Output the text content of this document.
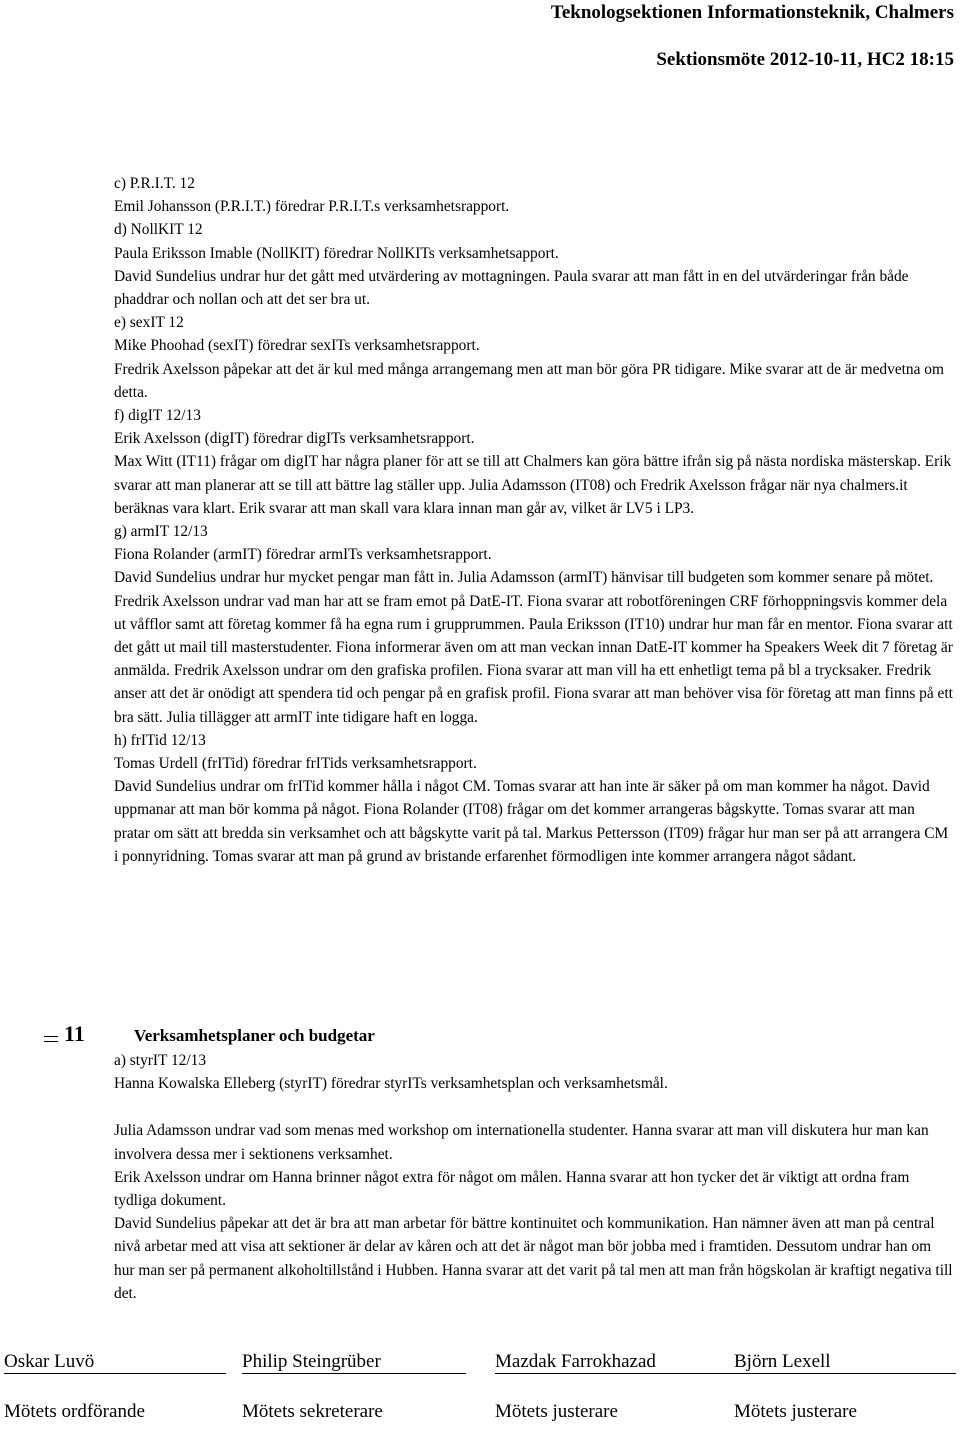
Teknologsektionen Informationsteknik, Chalmers
Sektionsmöte 2012-10-11, HC2 18:15

c) P.R.I.T. 12

Emil Johansson (P.R.I.T.) föredrar P.R.I.T.s verksamhetsrapport.

d) NollKIT 12

Paula Eriksson Imable (NollKIT) föredrar NollKITs verksamhetsapport.

David Sundelius undrar hur det gått med utvärdering av mottagningen. Paula svarar att man fått in en del utvärderingar från både phaddrar och nollan och att det ser bra ut.

e) sexIT 12

Mike Phoohad (sexIT) föredrar sexITs verksamhetsrapport.

Fredrik Axelsson påpekar att det är kul med många arrangemang men att man bör göra PR tidigare. Mike svarar att de är medvetna om detta.

f) digIT 12/13

Erik Axelsson (digIT) föredrar digITs verksamhetsrapport.

Max Witt (IT11) frågar om digIT har några planer för att se till att Chalmers kan göra bättre ifrån sig på nästa nordiska mästerskap. Erik svarar att man planerar att se till att bättre lag ställer upp. Julia Adamsson (IT08) och Fredrik Axelsson frågar när nya chalmers.it beräknas vara klart. Erik svarar att man skall vara klara innan man går av, vilket är LV5 i LP3.

g) armIT 12/13

Fiona Rolander (armIT) föredrar armITs verksamhetsrapport.

David Sundelius undrar hur mycket pengar man fått in. Julia Adamsson (armIT) hänvisar till budgeten som kommer senare på mötet. Fredrik Axelsson undrar vad man har att se fram emot på DatE-IT. Fiona svarar att robotföreningen CRF förhoppningsvis kommer dela ut våfflor samt att företag kommer få ha egna rum i grupprummen. Paula Eriksson (IT10) undrar hur man får en mentor. Fiona svarar att det gått ut mail till masterstudenter. Fiona informerar även om att man veckan innan DatE-IT kommer ha Speakers Week dit 7 företag är anmälda. Fredrik Axelsson undrar om den grafiska profilen. Fiona svarar att man vill ha ett enhetligt tema på bl a trycksaker. Fredrik anser att det är onödigt att spendera tid och pengar på en grafisk profil. Fiona svarar att man behöver visa för företag att man finns på ett bra sätt. Julia tillägger att armIT inte tidigare haft en logga.

h) frITid 12/13

Tomas Urdell (frITid) föredrar frITids verksamhetsrapport.

David Sundelius undrar om frITid kommer hålla i något CM. Tomas svarar att han inte är säker på om man kommer ha något. David uppmanar att man bör komma på något. Fiona Rolander (IT08) frågar om det kommer arrangeras bågskytte. Tomas svarar att man pratar om sätt att bredda sin verksamhet och att bågskytte varit på tal. Markus Pettersson (IT09) frågar hur man ser på att arrangera CM i ponnyridning. Tomas svarar att man på grund av bristande erfarenhet förmodligen inte kommer arrangera något sådant.

11	Verksamhetsplaner och budgetar

a) styrIT 12/13

Hanna Kowalska Elleberg (styrIT) föredrar styrITs verksamhetsplan och verksamhetsmål.

Julia Adamsson undrar vad som menas med workshop om internationella studenter. Hanna svarar att man vill diskutera hur man kan involvera dessa mer i sektionens verksamhet.

Erik Axelsson undrar om Hanna brinner något extra för något om målen. Hanna svarar att hon tycker det är viktigt att ordna fram tydliga dokument.

David Sundelius påpekar att det är bra att man arbetar för bättre kontinuitet och kommunikation. Han nämner även att man på central nivå arbetar med att visa att sektioner är delar av kåren och att det är något man bör jobba med i framtiden. Dessutom undrar han om hur man ser på permanent alkoholtillstånd i Hubben. Hanna svarar att det varit på tal men att man från högskolan är kraftigt negativa till det.

Oskar Luvö	Philip Steingrüber	Mazdak Farrokhazad	Björn Lexell
Mötets ordförande	Mötets sekreterare	Mötets justerare	Mötets justerare
